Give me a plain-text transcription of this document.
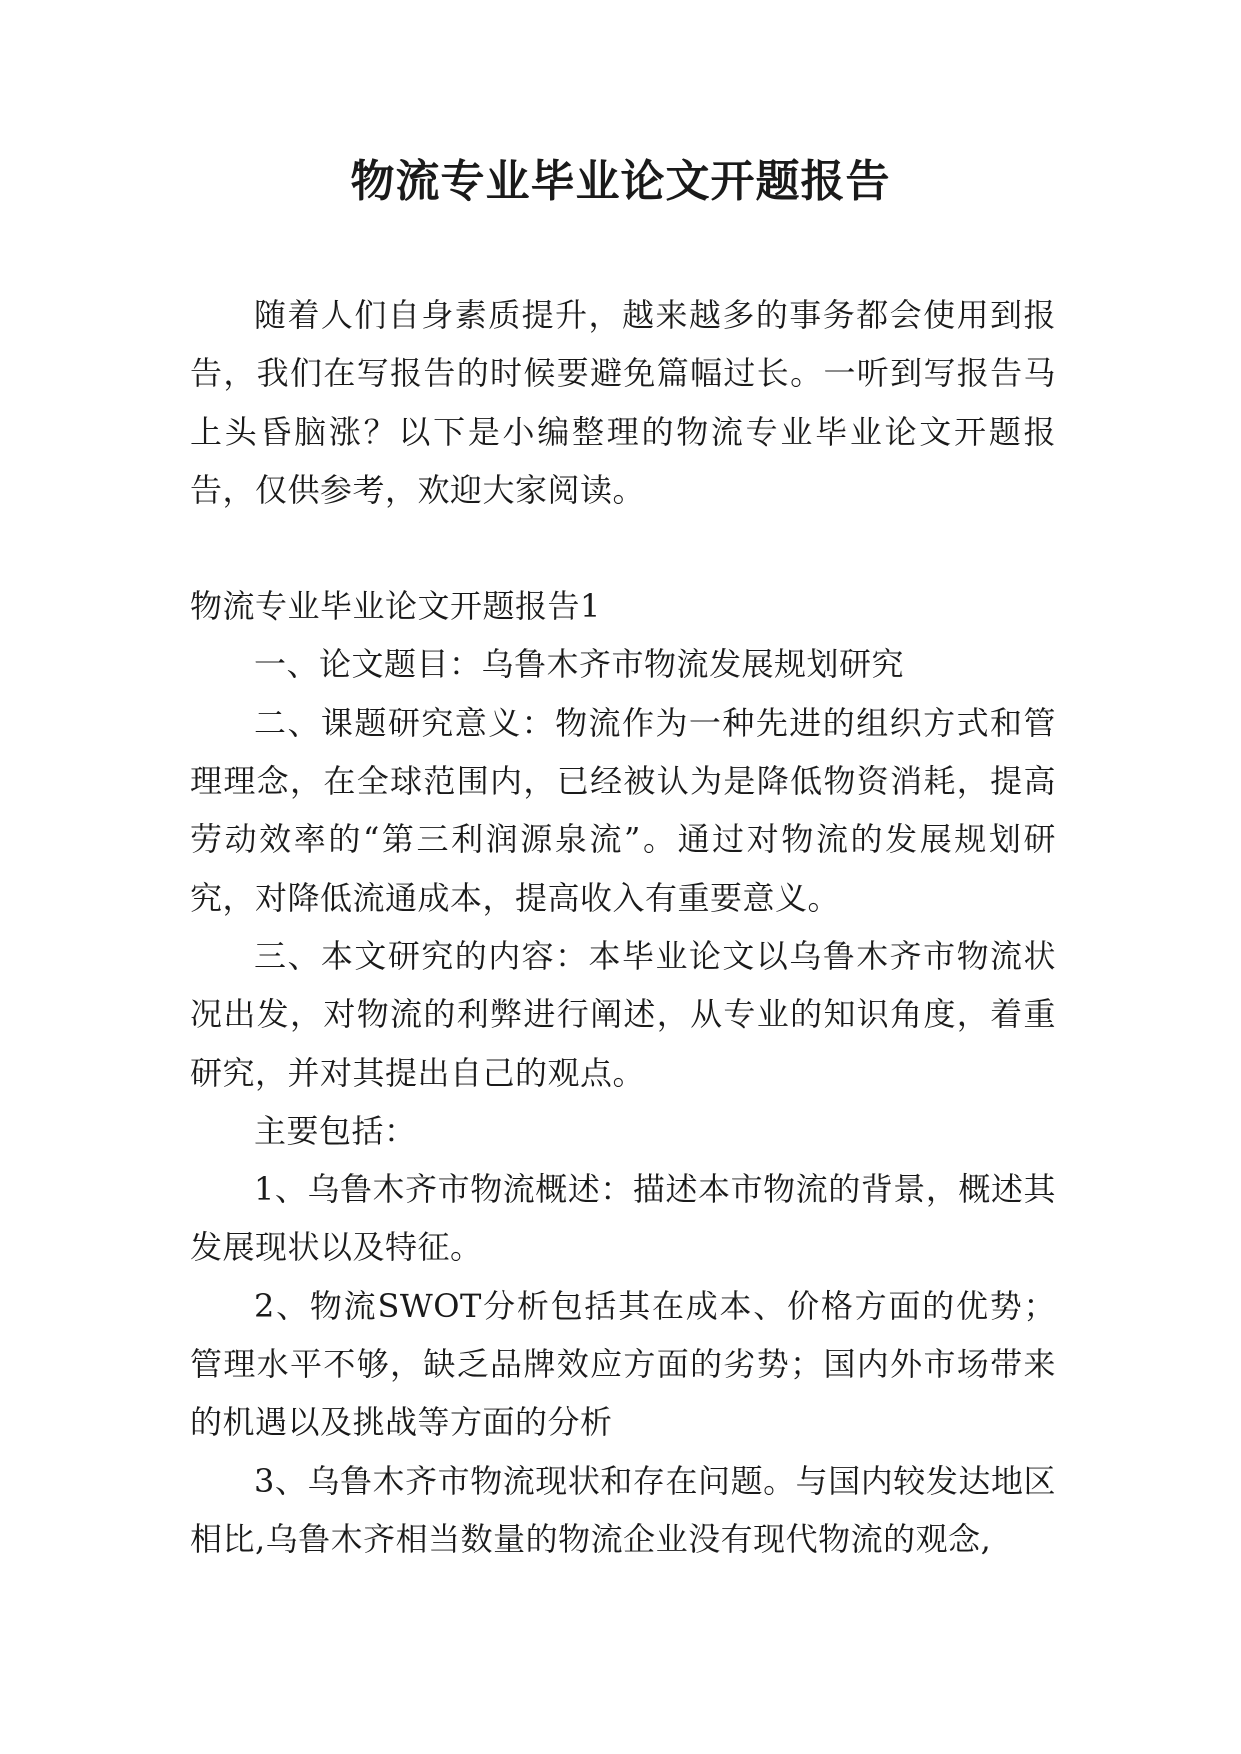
物流专业毕业论文开题报告

随着人们自身素质提升，越来越多的事务都会使用到报告，我们在写报告的时候要避免篇幅过长。一听到写报告马上头昏脑涨？以下是小编整理的物流专业毕业论文开题报告，仅供参考，欢迎大家阅读。

物流专业毕业论文开题报告1

一、论文题目：乌鲁木齐市物流发展规划研究

二、课题研究意义：物流作为一种先进的组织方式和管理理念，在全球范围内，已经被认为是降低物资消耗，提高劳动效率的“第三利润源泉流”。通过对物流的发展规划研究，对降低流通成本，提高收入有重要意义。

三、本文研究的内容：本毕业论文以乌鲁木齐市物流状况出发，对物流的利弊进行阐述，从专业的知识角度，着重研究，并对其提出自己的观点。

主要包括：

1、乌鲁木齐市物流概述：描述本市物流的背景，概述其发展现状以及特征。

2、物流SWOT分析包括其在成本、价格方面的优势；管理水平不够，缺乏品牌效应方面的劣势；国内外市场带来的机遇以及挑战等方面的分析

3、乌鲁木齐市物流现状和存在问题。与国内较发达地区相比,乌鲁木齐相当数量的物流企业没有现代物流的观念,
